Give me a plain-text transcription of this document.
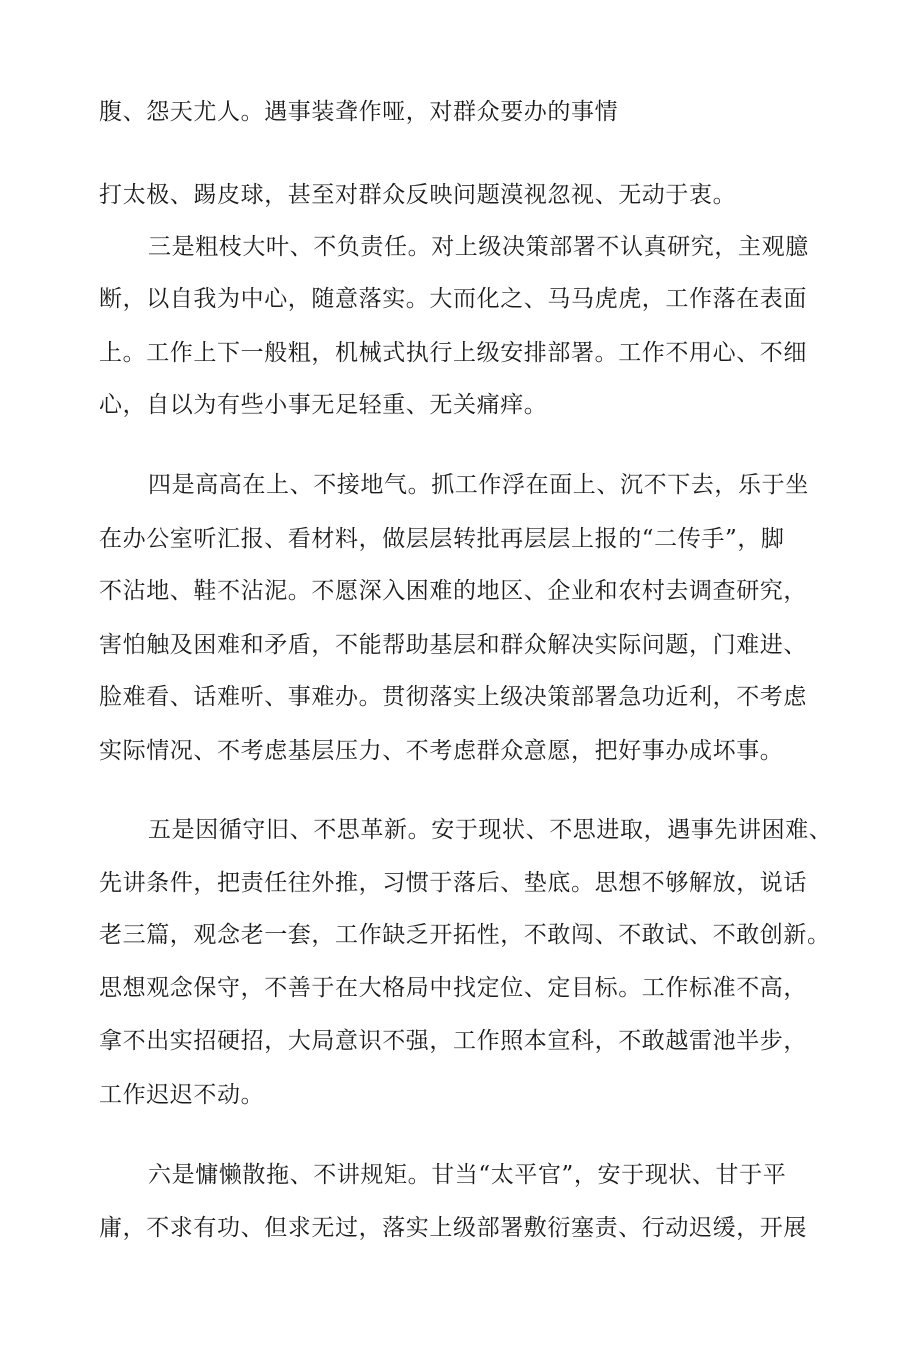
腹、怨天尤人。遇事装聋作哑，对群众要办的事情
打太极、踢皮球，甚至对群众反映问题漠视忽视、无动于衷。
三是粗枝大叶、不负责任。对上级决策部署不认真研究，主观臆
断，以自我为中心，随意落实。大而化之、马马虎虎，工作落在表面
上。工作上下一般粗，机械式执行上级安排部署。工作不用心、不细
心，自以为有些小事无足轻重、无关痛痒。
四是高高在上、不接地气。抓工作浮在面上、沉不下去，乐于坐
在办公室听汇报、看材料，做层层转批再层层上报的“二传手”，脚
不沾地、鞋不沾泥。不愿深入困难的地区、企业和农村去调查研究，
害怕触及困难和矛盾，不能帮助基层和群众解决实际问题，门难进、
脸难看、话难听、事难办。贯彻落实上级决策部署急功近利，不考虑
实际情况、不考虑基层压力、不考虑群众意愿，把好事办成坏事。
五是因循守旧、不思革新。安于现状、不思进取，遇事先讲困难、
先讲条件，把责任往外推，习惯于落后、垫底。思想不够解放，说话
老三篇，观念老一套，工作缺乏开拓性，不敢闯、不敢试、不敢创新。
思想观念保守，不善于在大格局中找定位、定目标。工作标准不高，
拿不出实招硬招，大局意识不强，工作照本宣科，不敢越雷池半步，
工作迟迟不动。
六是慵懒散拖、不讲规矩。甘当“太平官”，安于现状、甘于平
庸，不求有功、但求无过，落实上级部署敷衍塞责、行动迟缓，开展
